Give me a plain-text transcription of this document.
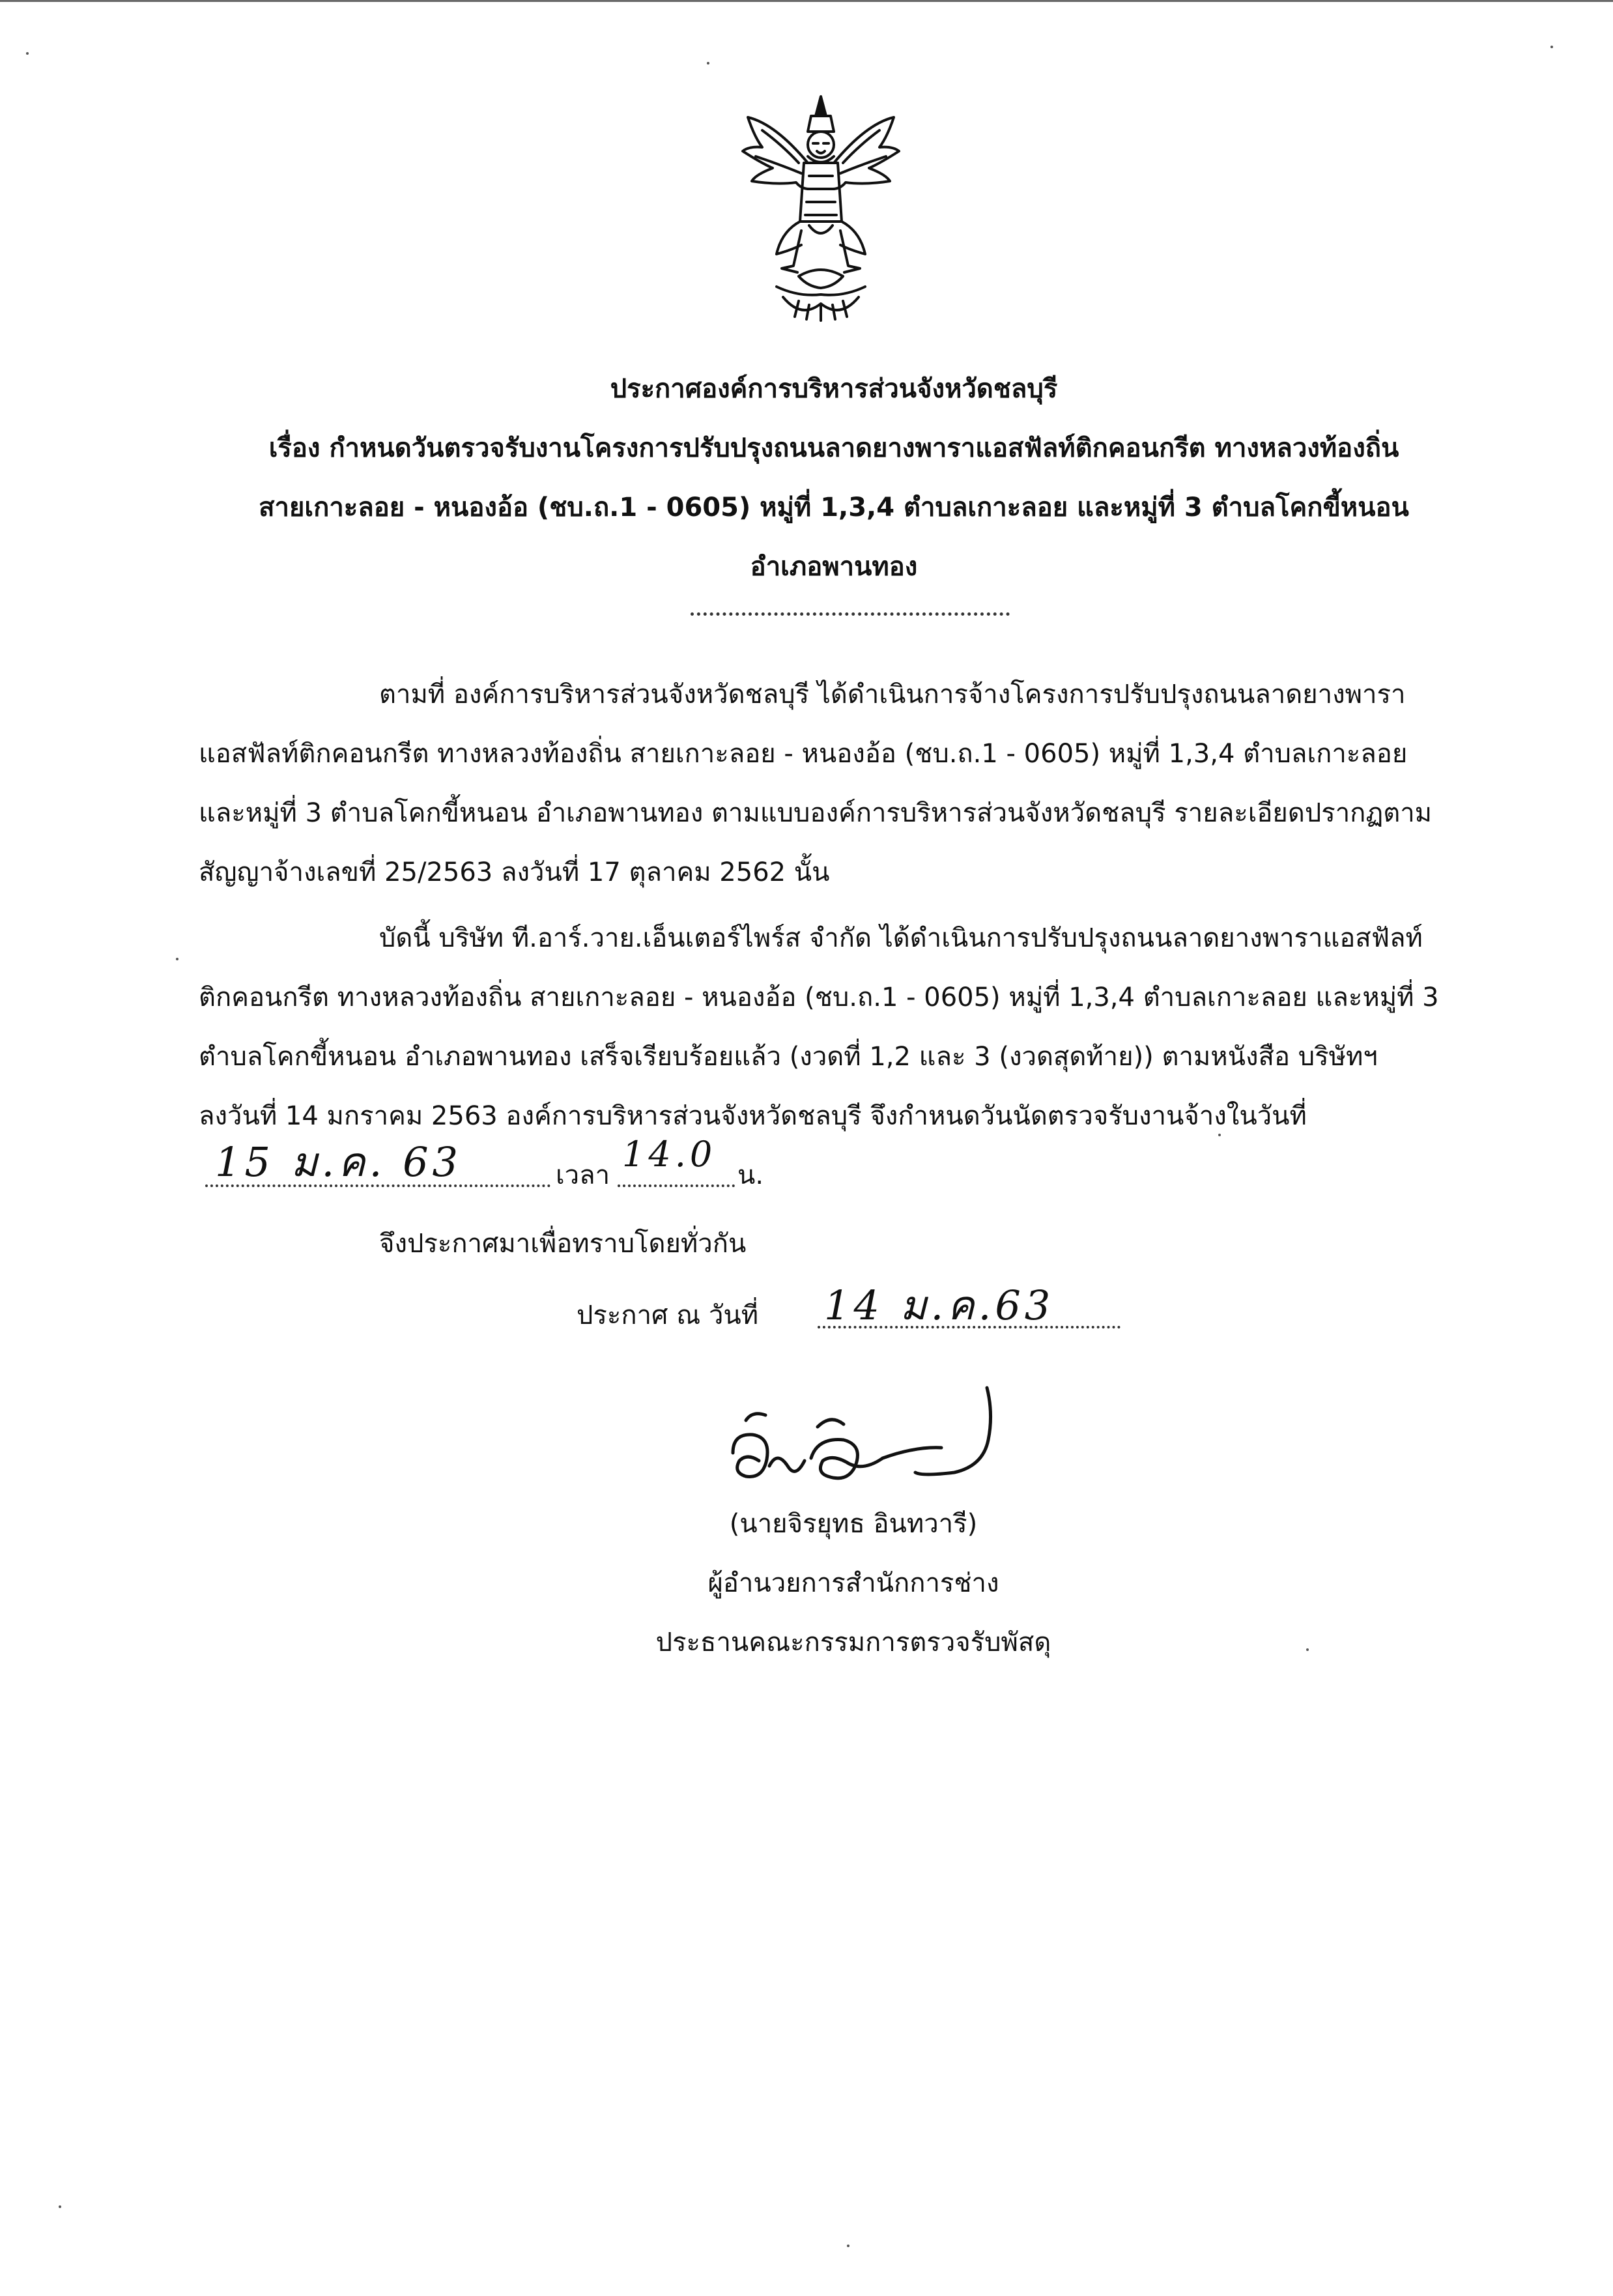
ประกาศองค์การบริหารส่วนจังหวัดชลบุรี
เรื่อง กำหนดวันตรวจรับงานโครงการปรับปรุงถนนลาดยางพาราแอสฟัลท์ติกคอนกรีต ทางหลวงท้องถิ่น
สายเกาะลอย - หนองอ้อ (ชบ.ถ.1 - 0605) หมู่ที่ 1,3,4 ตำบลเกาะลอย และหมู่ที่ 3 ตำบลโคกขี้หนอน
อำเภอพานทอง
ตามที่ องค์การบริหารส่วนจังหวัดชลบุรี ได้ดำเนินการจ้างโครงการปรับปรุงถนนลาดยางพารา
แอสฟัลท์ติกคอนกรีต ทางหลวงท้องถิ่น สายเกาะลอย - หนองอ้อ (ชบ.ถ.1 - 0605) หมู่ที่ 1,3,4 ตำบลเกาะลอย
และหมู่ที่ 3 ตำบลโคกขี้หนอน อำเภอพานทอง ตามแบบองค์การบริหารส่วนจังหวัดชลบุรี รายละเอียดปรากฏตาม
สัญญาจ้างเลขที่ 25/2563 ลงวันที่ 17 ตุลาคม 2562 นั้น
บัดนี้ บริษัท ที.อาร์.วาย.เอ็นเตอร์ไพร์ส จำกัด ได้ดำเนินการปรับปรุงถนนลาดยางพาราแอสฟัลท์
ติกคอนกรีต ทางหลวงท้องถิ่น สายเกาะลอย - หนองอ้อ (ชบ.ถ.1 - 0605) หมู่ที่ 1,3,4 ตำบลเกาะลอย และหมู่ที่ 3
ตำบลโคกขี้หนอน อำเภอพานทอง เสร็จเรียบร้อยแล้ว (งวดที่ 1,2 และ 3 (งวดสุดท้าย)) ตามหนังสือ บริษัทฯ
ลงวันที่ 14 มกราคม 2563 องค์การบริหารส่วนจังหวัดชลบุรี จึงกำหนดวันนัดตรวจรับงานจ้างในวันที่
15 ม.ค. 63	เวลา
14.0
น.
จึงประกาศมาเพื่อทราบโดยทั่วกัน
ประกาศ ณ วันที่ 14 ม.ค.63
(นายจิรยุทธ อินทวารี)
ผู้อำนวยการสำนักการช่าง
ประธานคณะกรรมการตรวจรับพัสดุ
